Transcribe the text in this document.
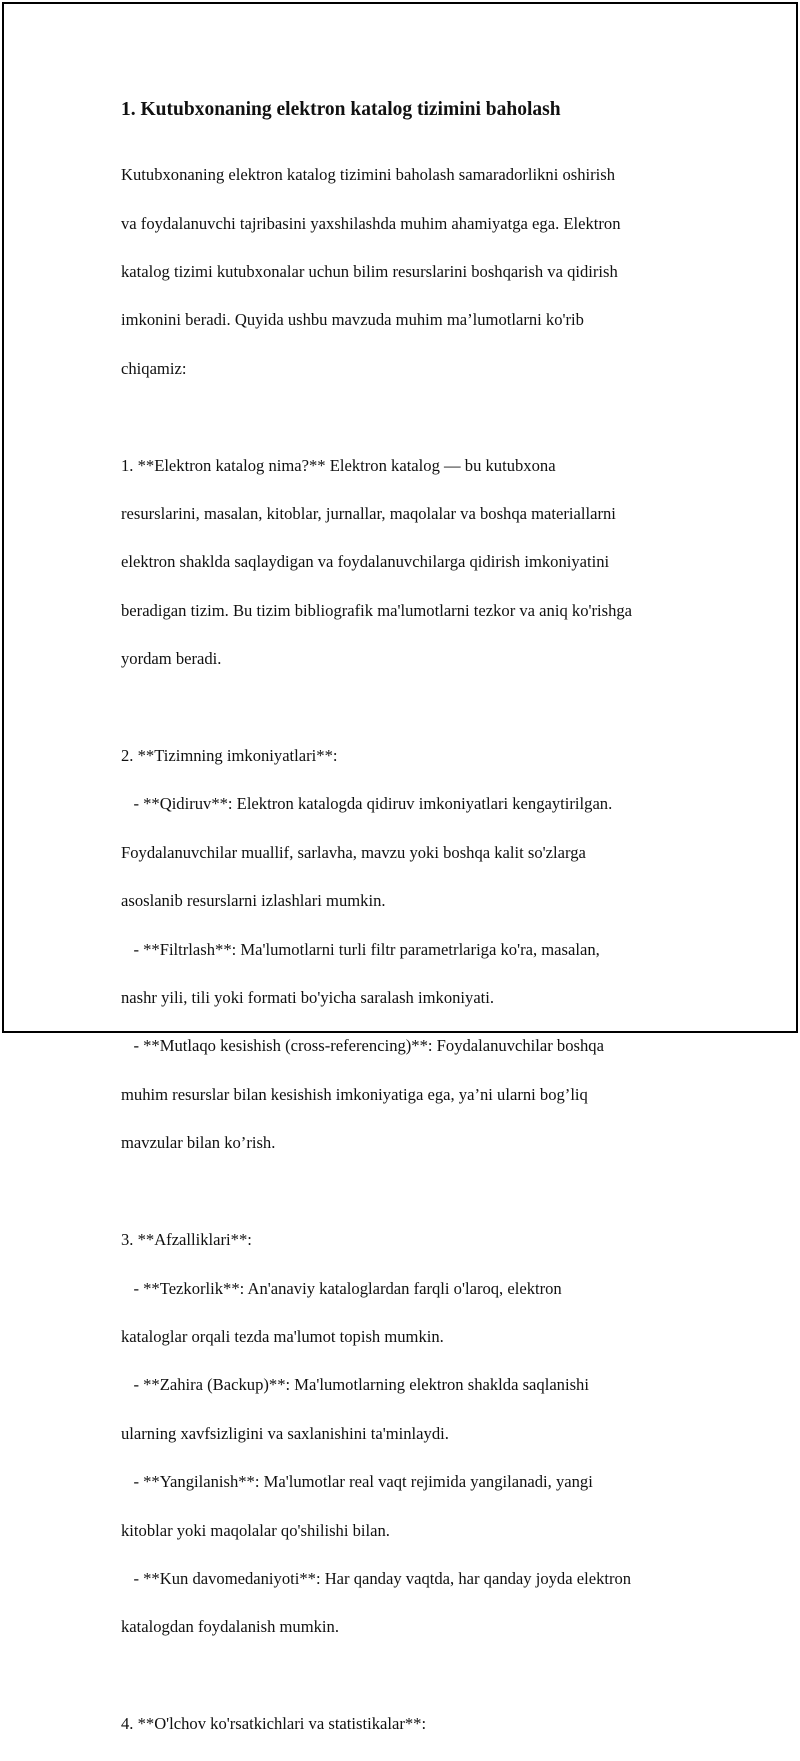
1. Kutubxonaning elektron katalog tizimini baholash

Kutubxonaning elektron katalog tizimini baholash samaradorlikni oshirish

va foydalanuvchi tajribasini yaxshilashda muhim ahamiyatga ega. Elektron

katalog tizimi kutubxonalar uchun bilim resurslarini boshqarish va qidirish

imkonini beradi. Quyida ushbu mavzuda muhim ma’lumotlarni ko'rib

chiqamiz:

1. **Elektron katalog nima?** Elektron katalog — bu kutubxona

resurslarini, masalan, kitoblar, jurnallar, maqolalar va boshqa materiallarni

elektron shaklda saqlaydigan va foydalanuvchilarga qidirish imkoniyatini

beradigan tizim. Bu tizim bibliografik ma'lumotlarni tezkor va aniq ko'rishga

yordam beradi.

2. **Tizimning imkoniyatlari**:

- **Qidiruv**: Elektron katalogda qidiruv imkoniyatlari kengaytirilgan.

Foydalanuvchilar muallif, sarlavha, mavzu yoki boshqa kalit so'zlarga

asoslanib resurslarni izlashlari mumkin.

- **Filtrlash**: Ma'lumotlarni turli filtr parametrlariga ko'ra, masalan,

nashr yili, tili yoki formati bo'yicha saralash imkoniyati.

- **Mutlaqo kesishish (cross-referencing)**: Foydalanuvchilar boshqa

muhim resurslar bilan kesishish imkoniyatiga ega, ya’ni ularni bog’liq

mavzular bilan ko’rish.

3. **Afzalliklari**:

- **Tezkorlik**: An'anaviy kataloglardan farqli o'laroq, elektron

kataloglar orqali tezda ma'lumot topish mumkin.

- **Zahira (Backup)**: Ma'lumotlarning elektron shaklda saqlanishi

ularning xavfsizligini va saxlanishini ta'minlaydi.

- **Yangilanish**: Ma'lumotlar real vaqt rejimida yangilanadi, yangi

kitoblar yoki maqolalar qo'shilishi bilan.

- **Kun davomedaniyoti**: Har qanday vaqtda, har qanday joyda elektron

katalogdan foydalanish mumkin.

4. **O'lchov ko'rsatkichlari va statistikalar**:
